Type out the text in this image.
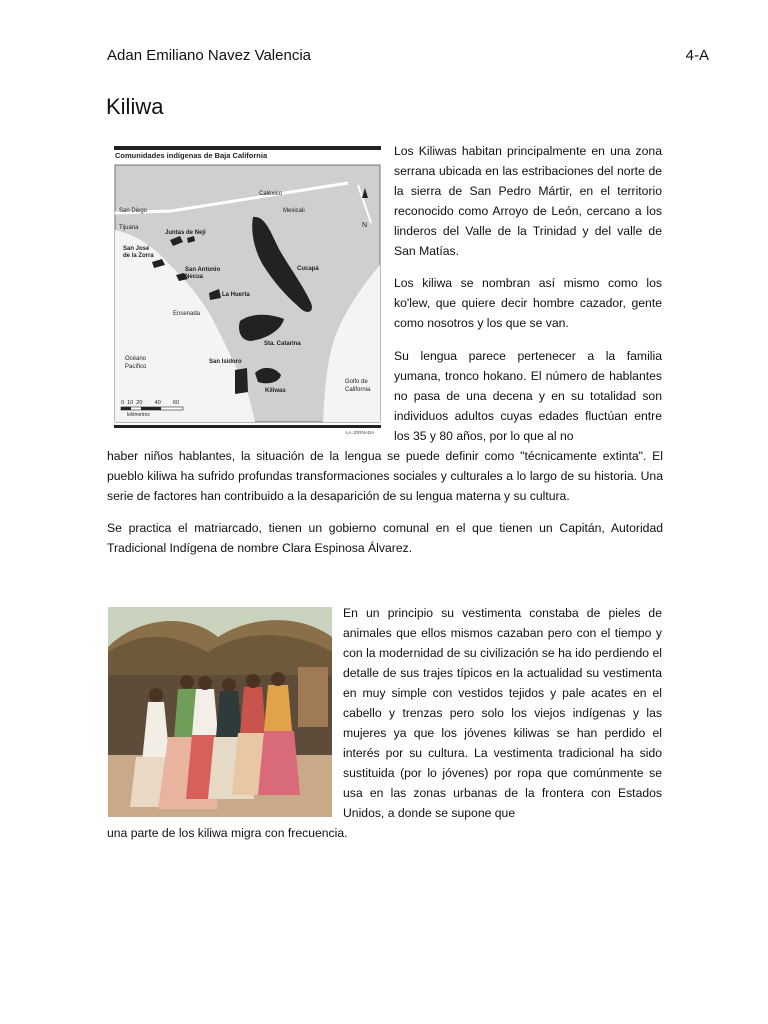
Adan Emiliano Navez Valencia	4-A
Kiliwa
Comunidades indígenas de Baja California
N
Caléxico
Mexicali
San Diego
Tijuana
Juntas de Nejí
San José
de la Zorra
San Antonio
Necua
Cucapá
La Huerta
Ensenada
Sta. Catarina
Océano
Pacífico
San Isidoro
Kiliwas
Golfo de
California
0  10  20        40        60
kilómetros
LA JORNADA

Los Kiliwas habitan principalmente en una zona serrana ubicada en las estribaciones del norte de la sierra de San Pedro Mártir, en el territorio reconocido como Arroyo de León, cercano a los linderos del Valle de la Trinidad y del valle de San Matías.

Los kiliwa se nombran así mismo como los ko'lew, que quiere decir hombre cazador, gente como nosotros y los que se van.

Su lengua parece pertenecer a la familia yumana, tronco hokano. El número de hablantes no pasa de una decena y en su totalidad son individuos adultos cuyas edades fluctúan entre los 35 y 80 años, por lo que al no

haber niños hablantes, la situación de la lengua se puede definir como "técnicamente extinta". El pueblo kiliwa ha sufrido profundas transformaciones sociales y culturales a lo largo de su historia. Una serie de factores han contribuido a la desaparición de su lengua materna y su cultura.

Se practica el matriarcado, tienen un gobierno comunal en el que tienen un Capitán, Autoridad Tradicional Indígena de nombre Clara Espinosa Álvarez.

En un principio su vestimenta constaba de pieles de animales que ellos mismos cazaban pero con el tiempo y con la modernidad de su civilización se ha ido perdiendo el detalle de sus trajes típicos en la actualidad su vestimenta en muy simple con vestidos tejidos y pale acates en el cabello y trenzas pero solo los viejos indígenas y las mujeres ya que los jóvenes kiliwas se han perdido el interés por su cultura. La vestimenta tradicional ha sido sustituida (por lo jóvenes) por ropa que comúnmente se usa en las zonas urbanas de la frontera con Estados Unidos, a donde se supone que

una parte de los kiliwa migra con frecuencia.
